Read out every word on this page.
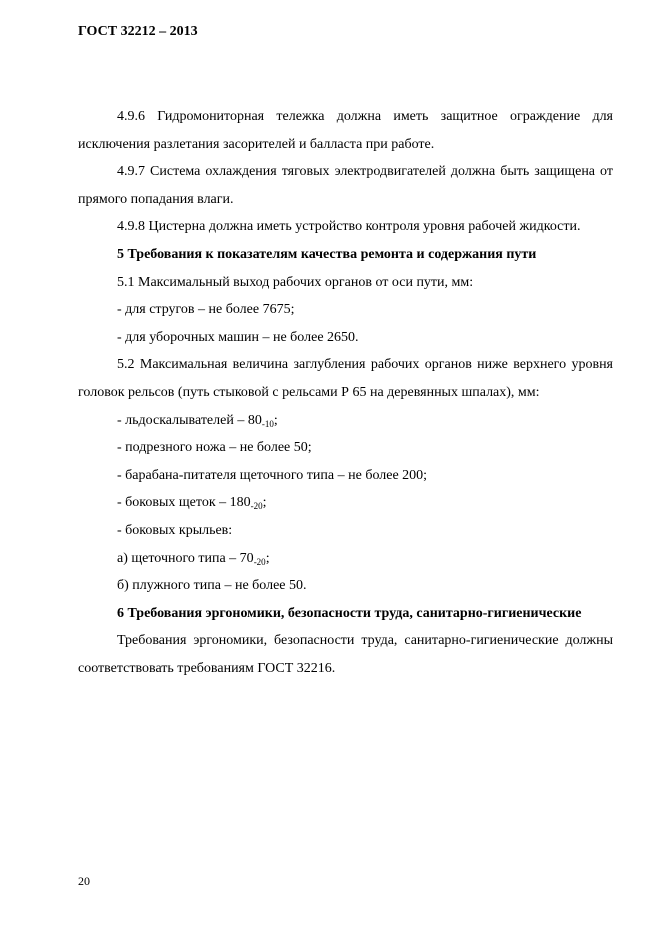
ГОСТ 32212 – 2013

4.9.6 Гидромониторная тележка должна иметь защитное ограждение для исключения разлетания засорителей и балласта при работе.

4.9.7 Система охлаждения тяговых электродвигателей должна быть защищена от прямого попадания влаги.

4.9.8 Цистерна должна иметь устройство контроля уровня рабочей жидкости.

5 Требования к показателям качества ремонта и содержания пути

5.1 Максимальный выход рабочих органов от оси пути, мм:

- для стругов – не более 7675;

- для уборочных машин – не более 2650.

5.2 Максимальная величина заглубления рабочих органов ниже верхнего уровня головок рельсов (путь стыковой с рельсами Р 65 на деревянных шпалах), мм:

- льдоскалывателей – $80_{-10}$;

- подрезного ножа – не более 50;

- барабана-питателя щеточного типа – не более 200;

- боковых щеток – $180_{-20}$;

- боковых крыльев:

а) щеточного типа – $70_{-20}$;

б) плужного типа – не более 50.

6 Требования эргономики, безопасности труда, санитарно-гигиенические

Требования эргономики, безопасности труда, санитарно-гигиенические должны соответствовать требованиям ГОСТ 32216.

20
